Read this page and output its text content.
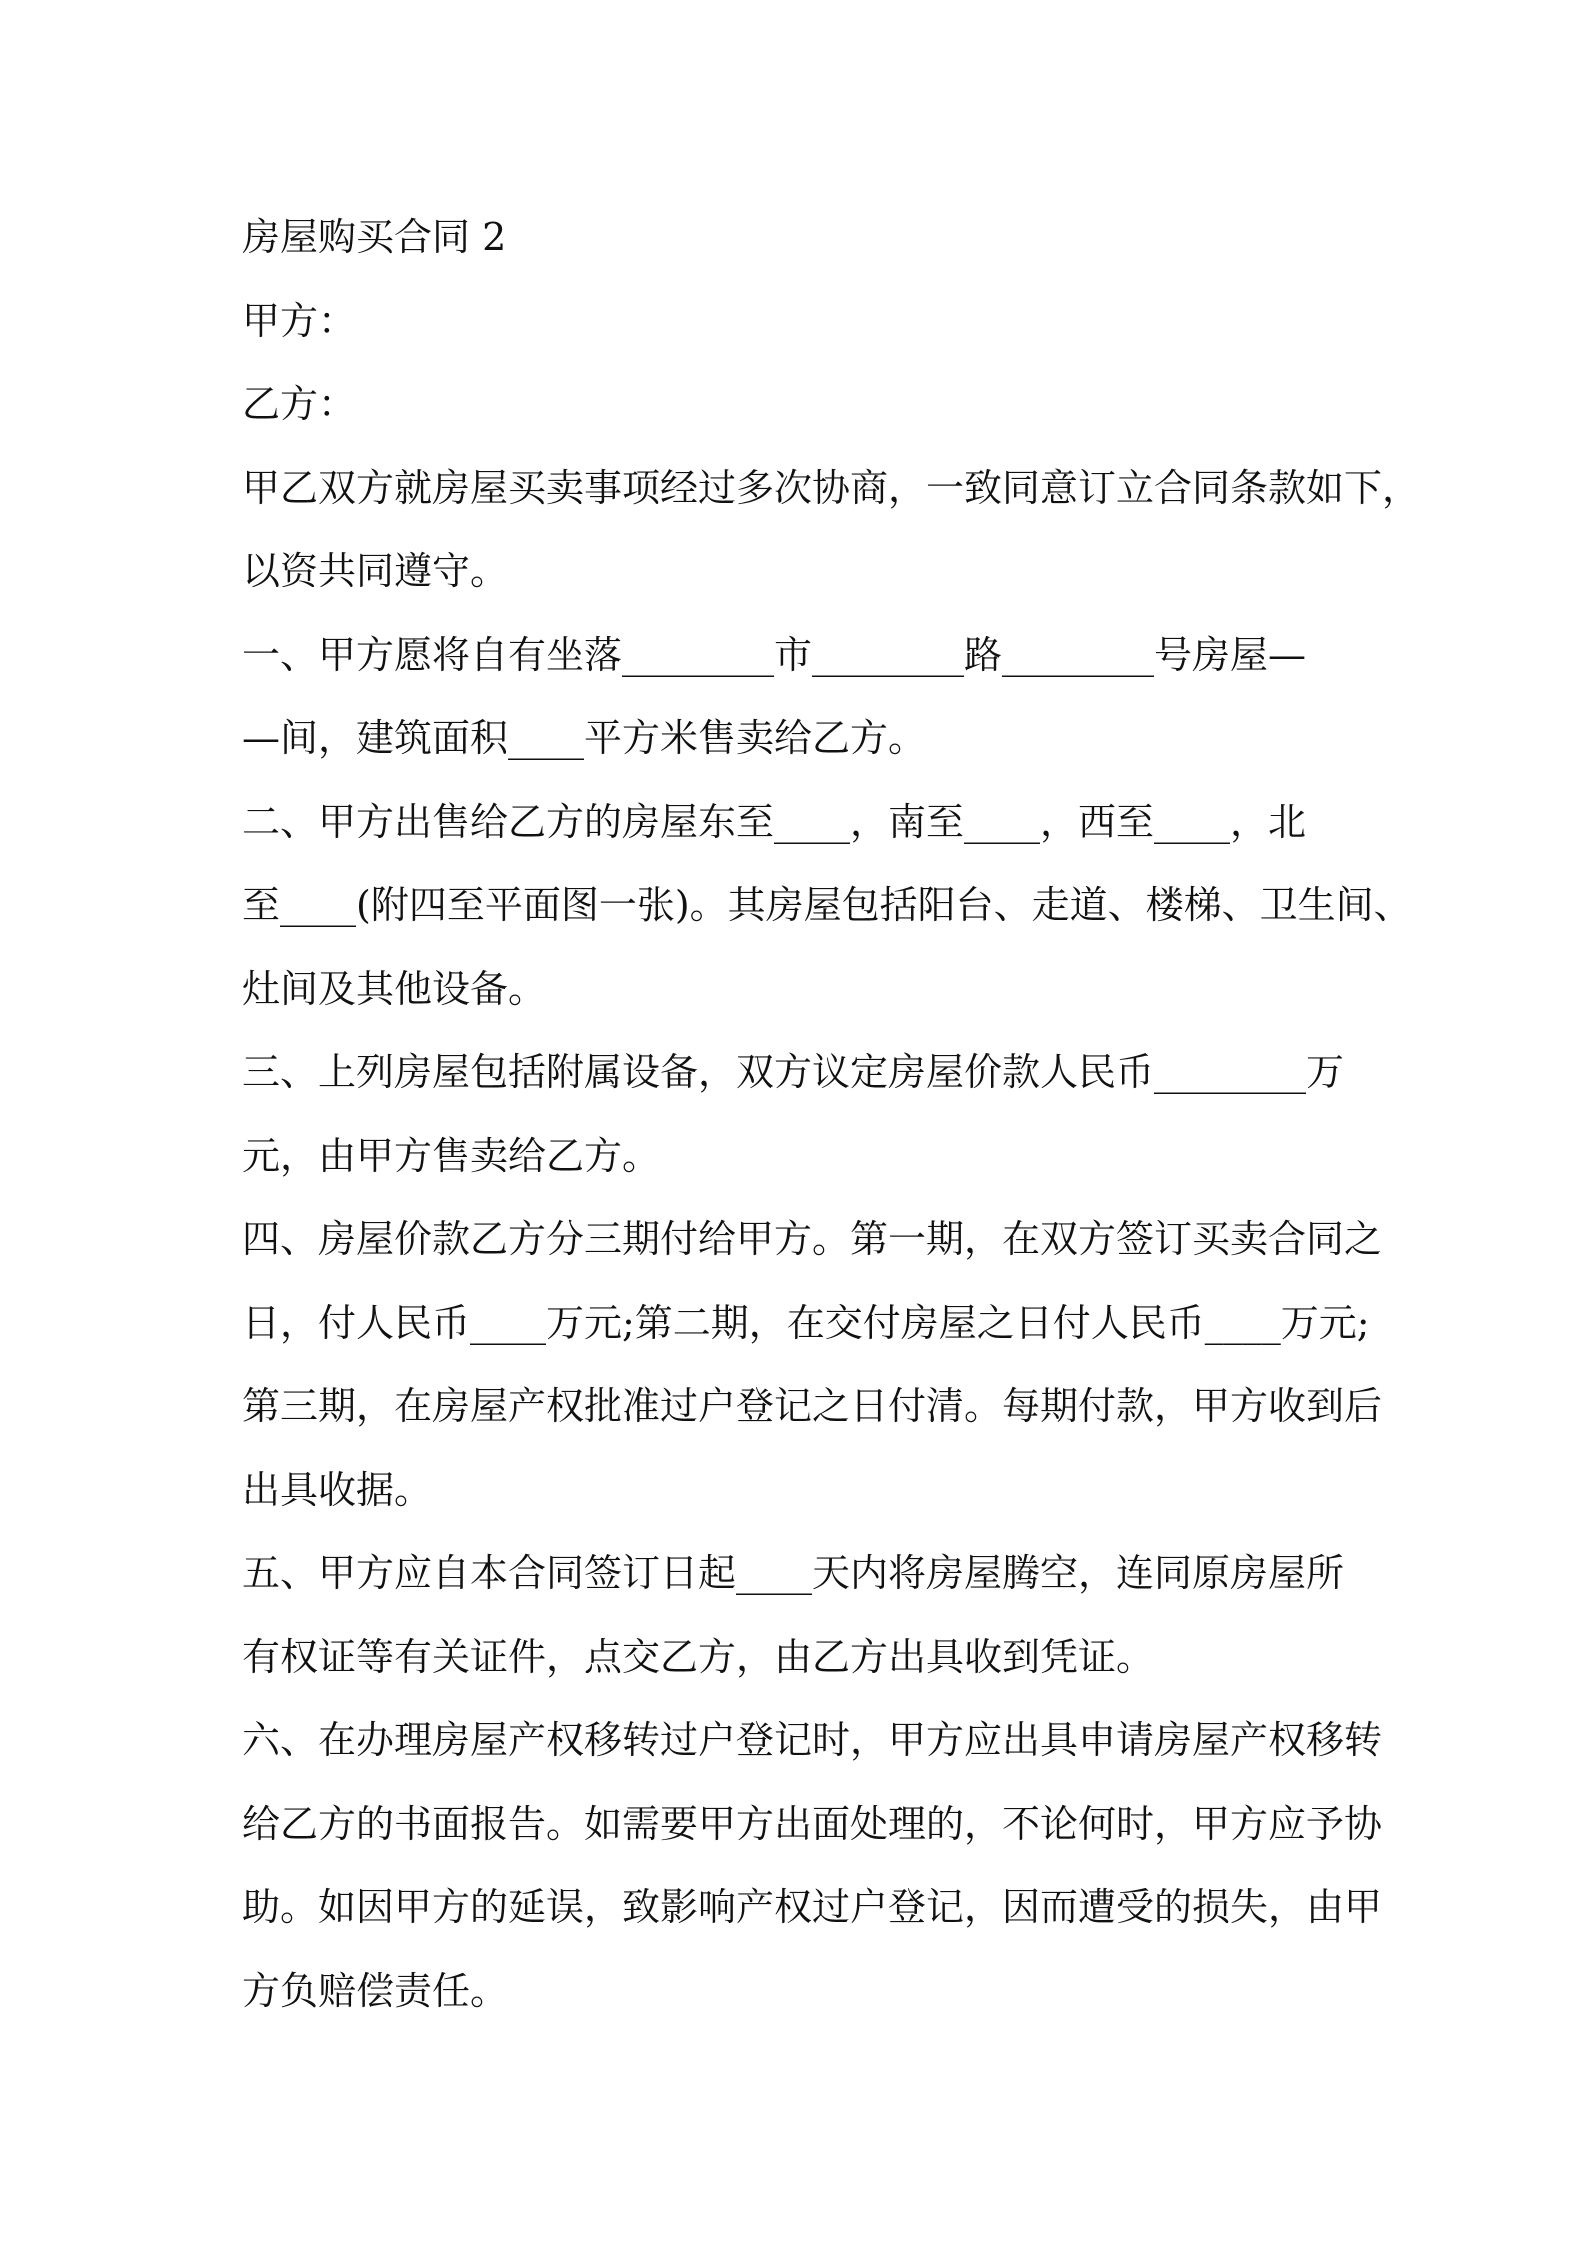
房屋购买合同 2

甲方：

乙方：

甲乙双方就房屋买卖事项经过多次协商，一致同意订立合同条款如下，

以资共同遵守。

一、甲方愿将自有坐落________市________路________号房屋—

—间，建筑面积____平方米售卖给乙方。

二、甲方出售给乙方的房屋东至____，南至____，西至____，北

至____(附四至平面图一张)。其房屋包括阳台、走道、楼梯、卫生间、

灶间及其他设备。

三、上列房屋包括附属设备，双方议定房屋价款人民币________万

元，由甲方售卖给乙方。

四、房屋价款乙方分三期付给甲方。第一期，在双方签订买卖合同之

日，付人民币____万元;第二期，在交付房屋之日付人民币____万元;

第三期，在房屋产权批准过户登记之日付清。每期付款，甲方收到后

出具收据。

五、甲方应自本合同签订日起____天内将房屋腾空，连同原房屋所

有权证等有关证件，点交乙方，由乙方出具收到凭证。

六、在办理房屋产权移转过户登记时，甲方应出具申请房屋产权移转

给乙方的书面报告。如需要甲方出面处理的，不论何时，甲方应予协

助。如因甲方的延误，致影响产权过户登记，因而遭受的损失，由甲

方负赔偿责任。
